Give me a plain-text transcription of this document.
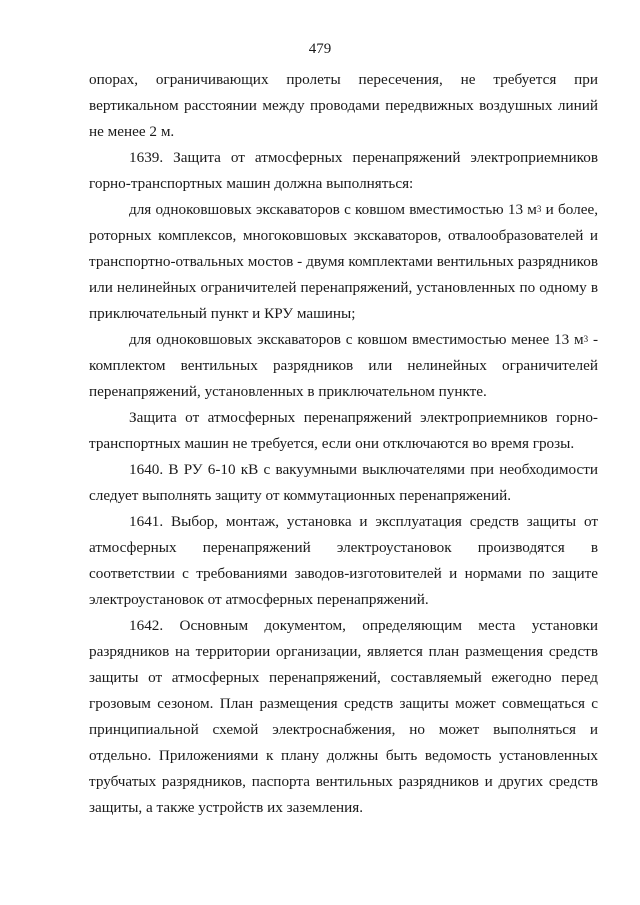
479

опорах, ограничивающих пролеты пересечения, не требуется при вертикальном расстоянии между проводами передвижных воздушных линий не менее 2 м.

1639. Защита от атмосферных перенапряжений электроприемников горно-транспортных машин должна выполняться:

для одноковшовых экскаваторов с ковшом вместимостью 13 $м^3$ и более, роторных комплексов, многоковшовых экскаваторов, отвалообразователей и транспортно-отвальных мостов - двумя комплектами вентильных разрядников или нелинейных ограничителей перенапряжений, установленных по одному в приключательный пункт и КРУ машины;

для одноковшовых экскаваторов с ковшом вместимостью менее 13 $м^3$ - комплектом вентильных разрядников или нелинейных ограничителей перенапряжений, установленных в приключательном пункте.

Защита от атмосферных перенапряжений электроприемников горно-транспортных машин не требуется, если они отключаются во время грозы.

1640. В РУ 6-10 кВ с вакуумными выключателями при необходимости следует выполнять защиту от коммутационных перенапряжений.

1641. Выбор, монтаж, установка и эксплуатация средств защиты от атмосферных перенапряжений электроустановок производятся в соответствии с требованиями заводов-изготовителей и нормами по защите электроустановок от атмосферных перенапряжений.

1642. Основным документом, определяющим места установки разрядников на территории организации, является план размещения средств защиты от атмосферных перенапряжений, составляемый ежегодно перед грозовым сезоном. План размещения средств защиты может совмещаться с принципиальной схемой электроснабжения, но может выполняться и отдельно. Приложениями к плану должны быть ведомость установленных трубчатых разрядников, паспорта вентильных разрядников и других средств защиты, а также устройств их заземления.
